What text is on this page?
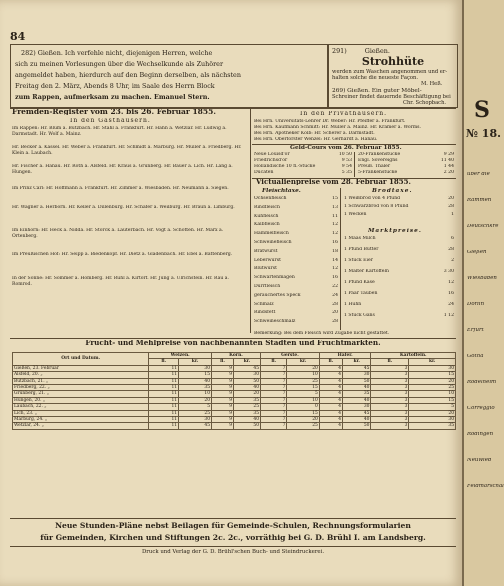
84
282) Gießen. Ich verfehle nicht, diejenigen Herren, welche
sich zu meinen Vorlesungen über die Wechselkunde als Zuhörer
angemeldet haben, hierdurch auf den Beginn derselben, als nächsten
Freitag den 2. März, Abends 8 Uhr, im Saale des Herrn Block
zum Rappen, aufmerksam zu machen. Emanuel Stern.
291)	Gießen.
Strohhüte
werden zum Waschen angenommen und er-
halten solche die neueste Façon.
M. Heß.
269) Gießen. Ein guter Möbel-
Schreiner findet dauernde Beschäftigung bei
Chr. Schopbach.
Fremden-Register vom 23. bis 26. Februar 1855.
In den Gasthäusern.
Im Rappen: Hr. Blum a. Butzbach. Hr. Stahl a. Frankfurt. Hr. Hahn a. Wetzlar. Hr. Ludwig a. Darmstadt. Hr. Wolf a. Mainz.
Hr. Becker a. Kassel. Hr. Weber a. Frankfurt. Hr. Schmidt a. Marburg. Hr. Müller a. Friedberg. Hr. Klein a. Laubach.
Hr. Fischer a. Hanau. Hr. Roth a. Alsfeld. Hr. Kraus a. Grünberg. Hr. Bauer a. Lich. Hr. Lang a. Hungen.
Im Prinz Carl: Hr. Hoffmann a. Frankfurt. Hr. Zimmer a. Wiesbaden. Hr. Neumann a. Siegen.
Hr. Wagner a. Herborn. Hr. Keller a. Dillenburg. Hr. Schäfer a. Weilburg. Hr. Braun a. Limburg.
Im Einhorn: Hr. Heck a. Nidda. Hr. Storck a. Lauterbach. Hr. Vogt a. Schotten. Hr. Marx a. Ortenberg.
Im Preußischen Hof: Hr. Seipp a. Biedenkopf. Hr. Dietz a. Gladenbach. Hr. Ebel a. Battenberg.
In der Sonne: Hr. Sommer a. Homberg. Hr. Ruhl a. Kirtorf. Hr. Jung a. Ulrichstein. Hr. Rau a. Romrod.
In den Privathäusern.
Bei Hrn. Universitäts-Lehrer Dr. Weber: Hr. Pfeiffer a. Frankfurt.
Bei Hrn. Kaufmann Schmitt: Hr. Müller a. Mainz. Hr. Krämer a. Worms.
Bei Hrn. Apotheker Kolb: Hr. Scherer a. Darmstadt.
Bei Hrn. Oberförster Wenzel: Hr. Gerhardt a. Hanau.
Geld-Cours vom 26. Februar 1855.
Neue Louisd'or	10 50
Friedrichsd'or	9 53
Holländische 10 fl.-Stücke	9 54
Ducaten	5 35
20-Frankenstücke	9 29
Engl. Sovereigns	11 40
Preuß. Thaler	1 44
5-Frankenstücke	2 20
Victualienpreise vom 28. Februar 1855.
Fleischtaxe.
Ochsenfleisch	15
Rindfleisch	13
Kuhfleisch	11
Kalbfleisch	12
Hammelfleisch	12
Schweinefleisch	16
Bratwurst	18
Leberwurst	14
Blutwurst	12
Schwartenmagen	16
Dürrfleisch	22
geräuchertes Speck	24
Schmalz	28
Rindsfett	20
Schweineschmalz	28
Brodtaxe.
1 Weißbrod von 4 Pfund	20
1 Schwarzbrod von 8 Pfund	28
1 Wecken	1
Marktpreise.
1 Maas Milch	6
1 Pfund Butter	28
1 Stück Eier	2
1 Malter Kartoffeln	3 30
1 Pfund Käse	12
1 Paar Tauben	16
1 Huhn	24
1 Stück Gans	1 12
Bemerkung: Bei dem Fleisch wird Zugabe nicht gestattet.
Frucht- und Mehlpreise von nachbenannten Städten und Fruchtmärkten.
Ort und Datum.	Weizen.		Korn.		Gerste.		Hafer.		Kartoffeln.	
	fl.	kr.	fl.	kr.	fl.	kr.	fl.	kr.	fl.	kr.
Gießen, 23. Februar	11	30	9	45	7	20	4	45	3	30
Alsfeld, 20. „	11	15	9	30	7	10	4	30	3	15
Butzbach, 21. „	11	40	9	50	7	25	4	50	3	20
Friedberg, 22. „	11	35	9	40	7	15	4	40	3	25
Grünberg, 21. „	11	10	9	20	7	5	4	35	3	10
Hungen, 20. „	11	20	9	35	7	10	4	40	3	15
Laubach, 22. „	11	5	9	25	7	0	4	30	3	5
Lich, 23. „	11	25	9	35	7	15	4	45	3	20
Marburg, 24. „	11	30	9	40	7	20	4	40	3	30
Wetzlar, 24. „	11	45	9	50	7	25	4	50	3	35
Neue Stunden-Pläne nebst Beilagen für Gemeinde-Schulen, Rechnungsformularien
für Gemeinden, Kirchen und Stiftungen 2c. 2c., vorräthig bei G. D. Brühl I. am Landsberg.
Druck und Verlag der G. D. Brühl'schen Buch- und Steindruckerei.
S
№ 18.
über die
Rammen
Deutschkre
Gießen
Wiesbaden
Dorlin
Erfurt
Gotha
Rödelheim
Correggio
Rodingen
Neuwied
Feldmarschal
